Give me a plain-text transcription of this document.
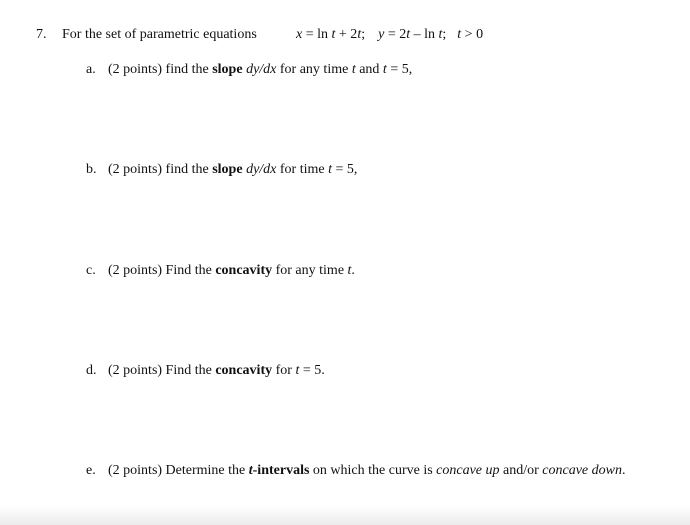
7. For the set of parametric equations	x = ln t + 2t; y = 2t – ln t; t > 0
a. (2 points) find the slope dy/dx for any time t and t = 5,
b. (2 points) find the slope dy/dx for time t = 5,
c. (2 points) Find the concavity for any time t.
d. (2 points) Find the concavity for t = 5.
e. (2 points) Determine the t-intervals on which the curve is concave up and/or concave down.
